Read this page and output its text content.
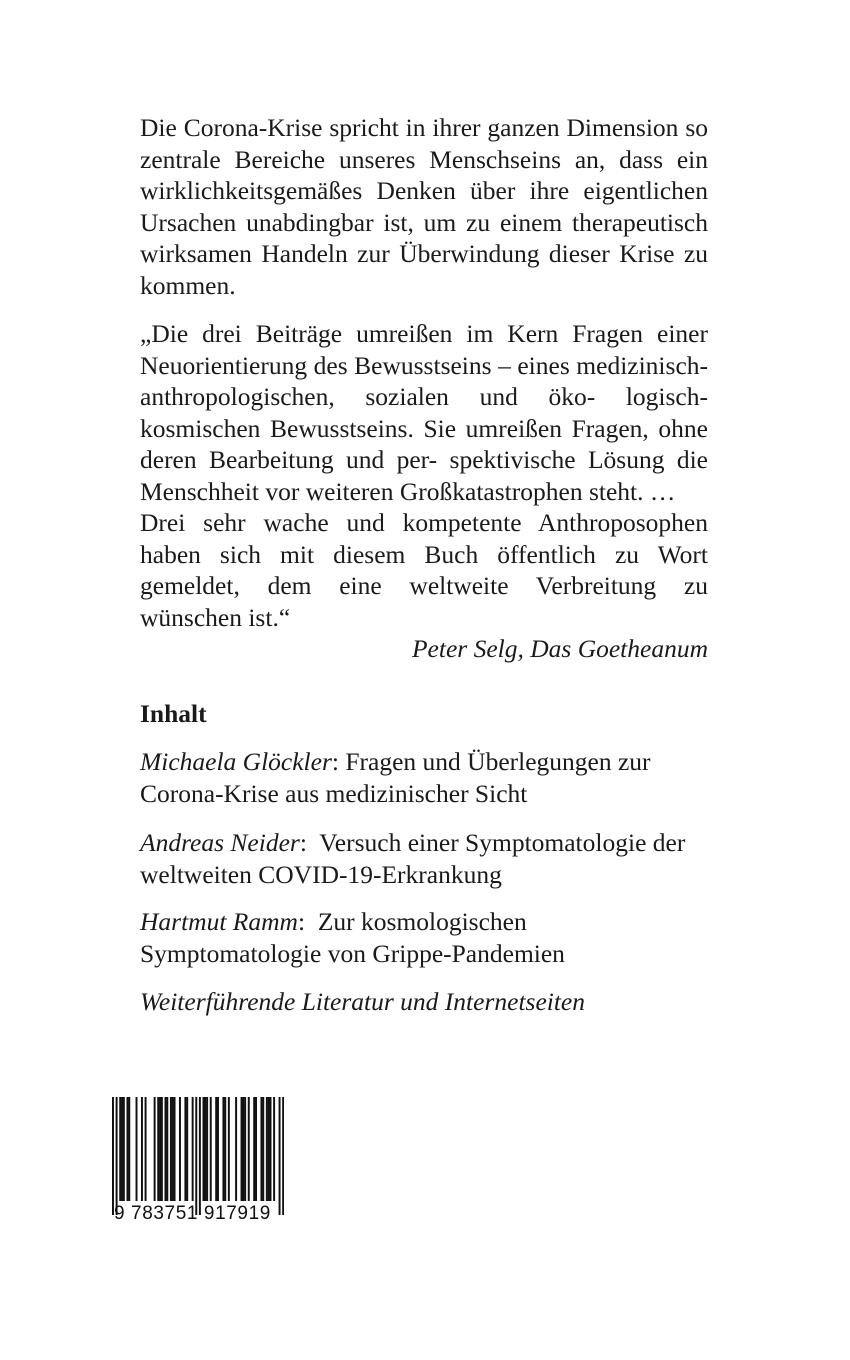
Die Corona-Krise spricht in ihrer ganzen Dimension so zentrale Bereiche unseres Menschseins an, dass ein wirklichkeitsgemäßes Denken über ihre eigentlichen Ursachen unabdingbar ist, um zu einem therapeutisch wirksamen Handeln zur Überwindung dieser Krise zu kommen.

„Die drei Beiträge umreißen im Kern Fragen einer Neuorientierung des Bewusstseins – eines medizinisch-anthropologischen, sozialen und öko- logisch-kosmischen Bewusstseins. Sie umreißen Fragen, ohne deren Bearbeitung und per- spektivische Lösung die Menschheit vor weiteren Großkatastrophen steht. …

Drei sehr wache und kompetente Anthroposophen haben sich mit diesem Buch öffentlich zu Wort gemeldet, dem eine weltweite Verbreitung zu wünschen ist.“

Peter Selg, Das Goetheanum

Inhalt

Michaela Glöckler: Fragen und Überlegungen zur
Corona-Krise aus medizinischer Sicht

Andreas Neider:  Versuch einer Symptomatologie der
weltweiten COVID-19-Erkrankung

Hartmut Ramm:  Zur kosmologischen
Symptomatologie von Grippe-Pandemien

Weiterführende Literatur und Internetseiten

9 783751 917919
